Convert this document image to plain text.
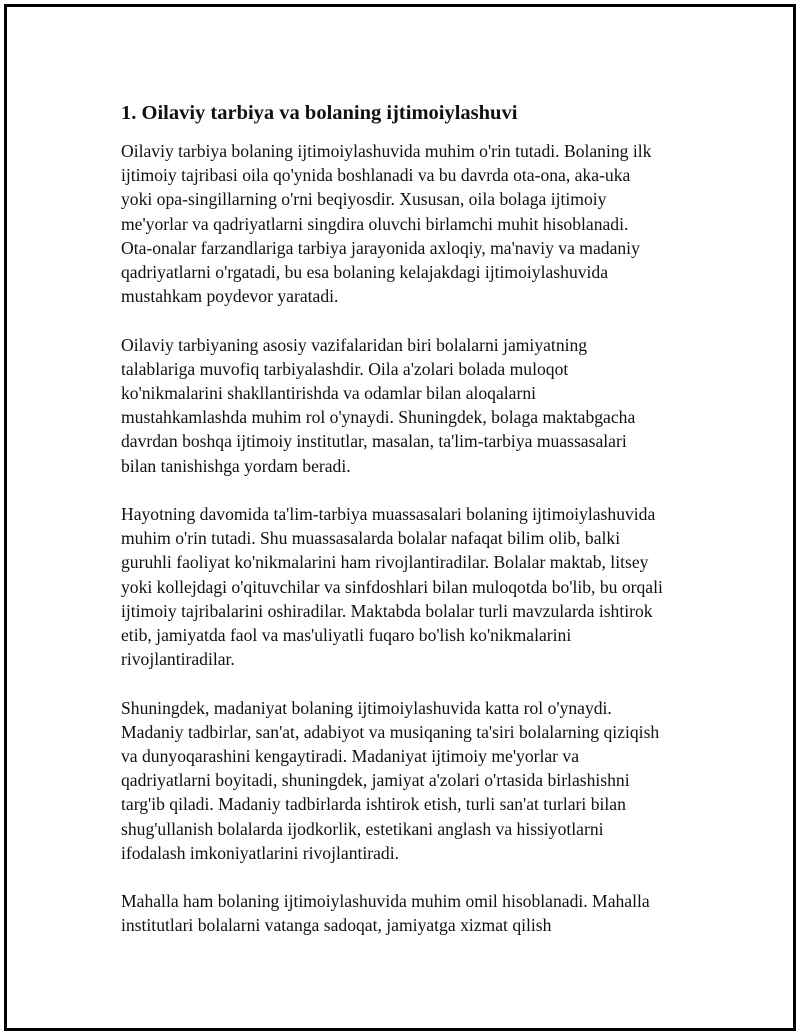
1. Oilaviy tarbiya va bolaning ijtimoiylashuvi

Oilaviy tarbiya bolaning ijtimoiylashuvida muhim o'rin tutadi. Bolaning ilk
ijtimoiy tajribasi oila qo'ynida boshlanadi va bu davrda ota-ona, aka-uka
yoki opa-singillarning o'rni beqiyosdir. Xususan, oila bolaga ijtimoiy
me'yorlar va qadriyatlarni singdira oluvchi birlamchi muhit hisoblanadi.
Ota-onalar farzandlariga tarbiya jarayonida axloqiy, ma'naviy va madaniy
qadriyatlarni o'rgatadi, bu esa bolaning kelajakdagi ijtimoiylashuvida
mustahkam poydevor yaratadi.

Oilaviy tarbiyaning asosiy vazifalaridan biri bolalarni jamiyatning
talablariga muvofiq tarbiyalashdir. Oila a'zolari bolada muloqot
ko'nikmalarini shakllantirishda va odamlar bilan aloqalarni
mustahkamlashda muhim rol o'ynaydi. Shuningdek, bolaga maktabgacha
davrdan boshqa ijtimoiy institutlar, masalan, ta'lim-tarbiya muassasalari
bilan tanishishga yordam beradi.

Hayotning davomida ta'lim-tarbiya muassasalari bolaning ijtimoiylashuvida
muhim o'rin tutadi. Shu muassasalarda bolalar nafaqat bilim olib, balki
guruhli faoliyat ko'nikmalarini ham rivojlantiradilar. Bolalar maktab, litsey
yoki kollejdagi o'qituvchilar va sinfdoshlari bilan muloqotda bo'lib, bu orqali
ijtimoiy tajribalarini oshiradilar. Maktabda bolalar turli mavzularda ishtirok
etib, jamiyatda faol va mas'uliyatli fuqaro bo'lish ko'nikmalarini
rivojlantiradilar.

Shuningdek, madaniyat bolaning ijtimoiylashuvida katta rol o'ynaydi.
Madaniy tadbirlar, san'at, adabiyot va musiqaning ta'siri bolalarning qiziqish
va dunyoqarashini kengaytiradi. Madaniyat ijtimoiy me'yorlar va
qadriyatlarni boyitadi, shuningdek, jamiyat a'zolari o'rtasida birlashishni
targ'ib qiladi. Madaniy tadbirlarda ishtirok etish, turli san'at turlari bilan
shug'ullanish bolalarda ijodkorlik, estetikani anglash va hissiyotlarni
ifodalash imkoniyatlarini rivojlantiradi.

Mahalla ham bolaning ijtimoiylashuvida muhim omil hisoblanadi. Mahalla
institutlari bolalarni vatanga sadoqat, jamiyatga xizmat qilish
